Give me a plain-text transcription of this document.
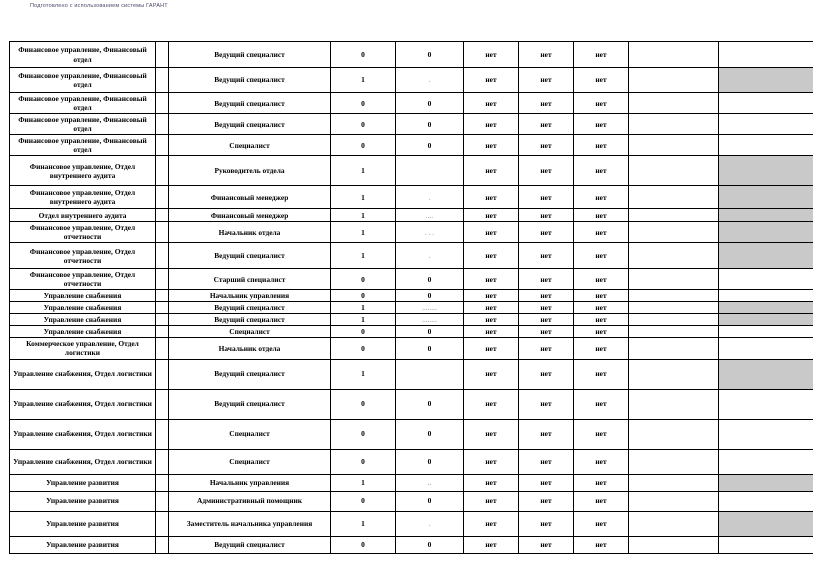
Подготовлено с использованием системы ГАРАНТ
Финансовое управление, Финансовый отдел		Ведущий специалист	0	0	нет	нет	нет		
Финансовое управление, Финансовый отдел		Ведущий специалист	1	.	нет	нет	нет		
Финансовое управление, Финансовый отдел		Ведущий специалист	0	0	нет	нет	нет		
Финансовое управление, Финансовый отдел		Ведущий специалист	0	0	нет	нет	нет		
Финансовое управление, Финансовый отдел		Специалист	0	0	нет	нет	нет		
Финансовое управление, Отдел внутреннего аудита		Руководитель отдела	1		нет	нет	нет		
Финансовое управление, Отдел внутреннего аудита		Финансовый менеджер	1	.	нет	нет	нет		
Отдел внутреннего аудита		Финансовый менеджер	1	....	нет	нет	нет		
Финансовое управление, Отдел отчетности		Начальник отдела	1	. . .	нет	нет	нет		
Финансовое управление, Отдел отчетности		Ведущий специалист	1	.	нет	нет	нет		
Финансовое управление, Отдел отчетности		Старший специалист	0	0	нет	нет	нет		
Управление снабжения		Начальник управления	0	0	нет	нет	нет		
Управление снабжения		Ведущий специалист	1	........	нет	нет	нет		
Управление снабжения		Ведущий специалист	1	........	нет	нет	нет		
Управление снабжения		Специалист	0	0	нет	нет	нет		
Коммерческое управление, Отдел логистики		Начальник отдела	0	0	нет	нет	нет		
Управление снабжения, Отдел логистики		Ведущий специалист	1		нет	нет	нет		
Управление снабжения, Отдел логистики		Ведущий специалист	0	0	нет	нет	нет		
Управление снабжения, Отдел логистики		Специалист	0	0	нет	нет	нет		
Управление снабжения, Отдел логистики		Специалист	0	0	нет	нет	нет		
Управление развития		Начальник управления	1	..	нет	нет	нет		
Управление развития		Административный помощник	0	0	нет	нет	нет		
Управление развития		Заместитель начальника управления	1	.	нет	нет	нет		
Управление развития		Ведущий специалист	0	0	нет	нет	нет		
